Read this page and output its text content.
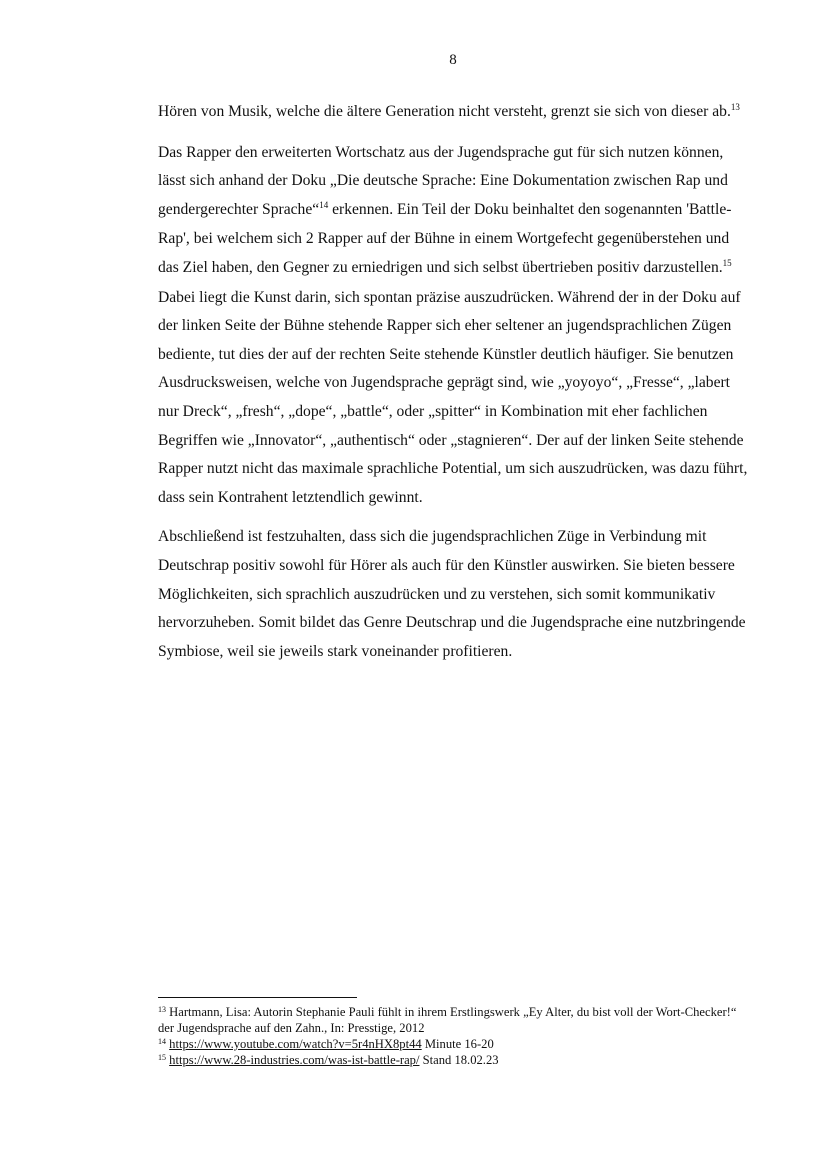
8

Hören von Musik, welche die ältere Generation nicht versteht, grenzt sie sich von dieser ab.$^{13}$

Das Rapper den erweiterten Wortschatz aus der Jugendsprache gut für sich nutzen können, lässt sich anhand der Doku „Die deutsche Sprache: Eine Dokumentation zwischen Rap und gendergerechter Sprache“$^{14}$ erkennen. Ein Teil der Doku beinhaltet den sogenannten 'Battle-Rap', bei welchem sich 2 Rapper auf der Bühne in einem Wortgefecht gegenüberstehen und das Ziel haben, den Gegner zu erniedrigen und sich selbst übertrieben positiv darzustellen.$^{15}$ Dabei liegt die Kunst darin, sich spontan präzise auszudrücken. Während der in der Doku auf der linken Seite der Bühne stehende Rapper sich eher seltener an jugendsprachlichen Zügen bediente, tut dies der auf der rechten Seite stehende Künstler deutlich häufiger. Sie benutzen Ausdrucksweisen, welche von Jugendsprache geprägt sind, wie „yoyoyo“, „Fresse“, „labert nur Dreck“, „fresh“, „dope“, „battle“, oder „spitter“ in Kombination mit eher fachlichen Begriffen wie „Innovator“, „authentisch“ oder „stagnieren“. Der auf der linken Seite stehende Rapper nutzt nicht das maximale sprachliche Potential, um sich auszudrücken, was dazu führt, dass sein Kontrahent letztendlich gewinnt.

Abschließend ist festzuhalten, dass sich die jugendsprachlichen Züge in Verbindung mit Deutschrap positiv sowohl für Hörer als auch für den Künstler auswirken. Sie bieten bessere Möglichkeiten, sich sprachlich auszudrücken und zu verstehen, sich somit kommunikativ hervorzuheben. Somit bildet das Genre Deutschrap und die Jugendsprache eine nutzbringende Symbiose, weil sie jeweils stark voneinander profitieren.

$^{13}$ Hartmann, Lisa: Autorin Stephanie Pauli fühlt in ihrem Erstlingswerk „Ey Alter, du bist voll der Wort-Checker!“ der Jugendsprache auf den Zahn., In: Presstige, 2012

$^{14}$ https://www.youtube.com/watch?v=5r4nHX8pt44 Minute 16-20

$^{15}$ https://www.28-industries.com/was-ist-battle-rap/ Stand 18.02.23
